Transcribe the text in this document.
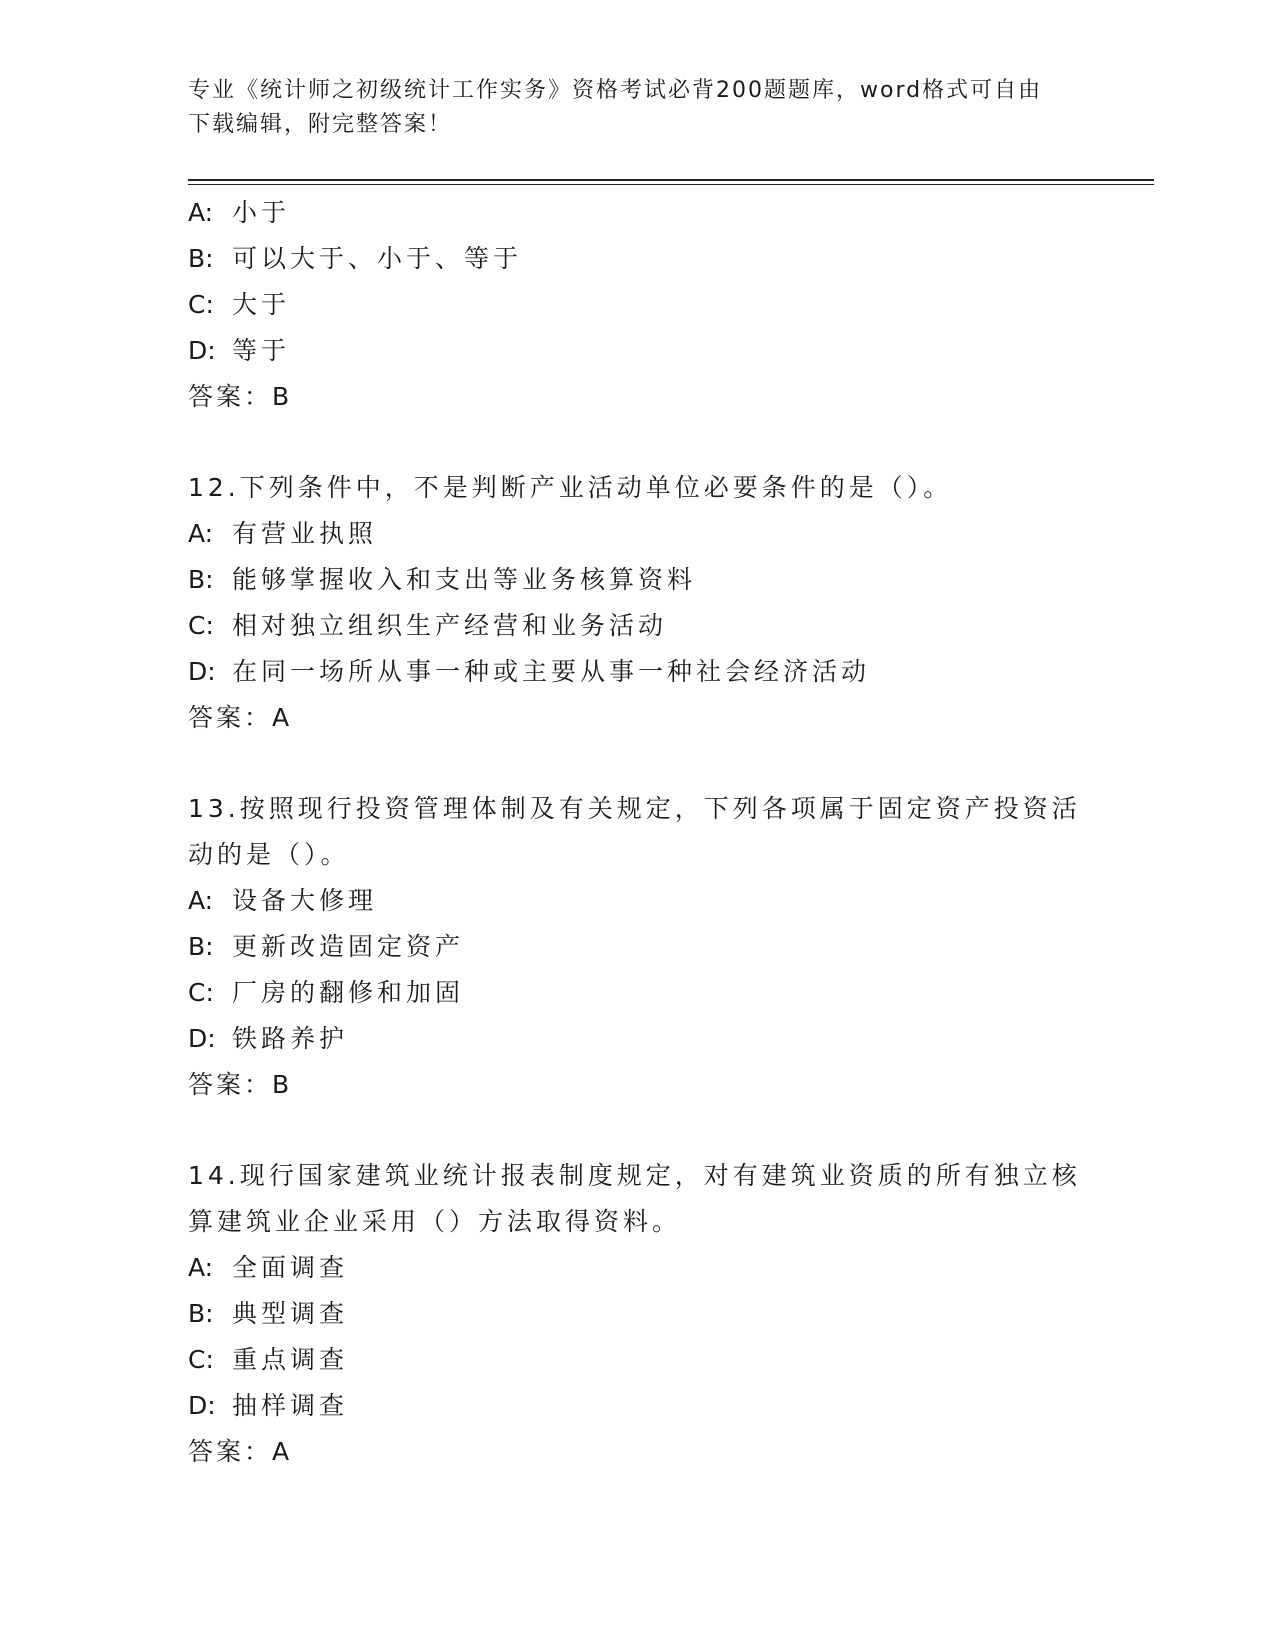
专业《统计师之初级统计工作实务》资格考试必背200题题库，word格式可自由
下载编辑，附完整答案！
A: 小于
B: 可以大于、小于、等于
C: 大于
D: 等于
答案：B
12.下列条件中，不是判断产业活动单位必要条件的是（）。
A: 有营业执照
B: 能够掌握收入和支出等业务核算资料
C: 相对独立组织生产经营和业务活动
D: 在同一场所从事一种或主要从事一种社会经济活动
答案：A
13.按照现行投资管理体制及有关规定，下列各项属于固定资产投资活动的是（）。
A: 设备大修理
B: 更新改造固定资产
C: 厂房的翻修和加固
D: 铁路养护
答案：B
14.现行国家建筑业统计报表制度规定，对有建筑业资质的所有独立核算建筑业企业采用（）方法取得资料。
A: 全面调查
B: 典型调查
C: 重点调查
D: 抽样调查
答案：A
